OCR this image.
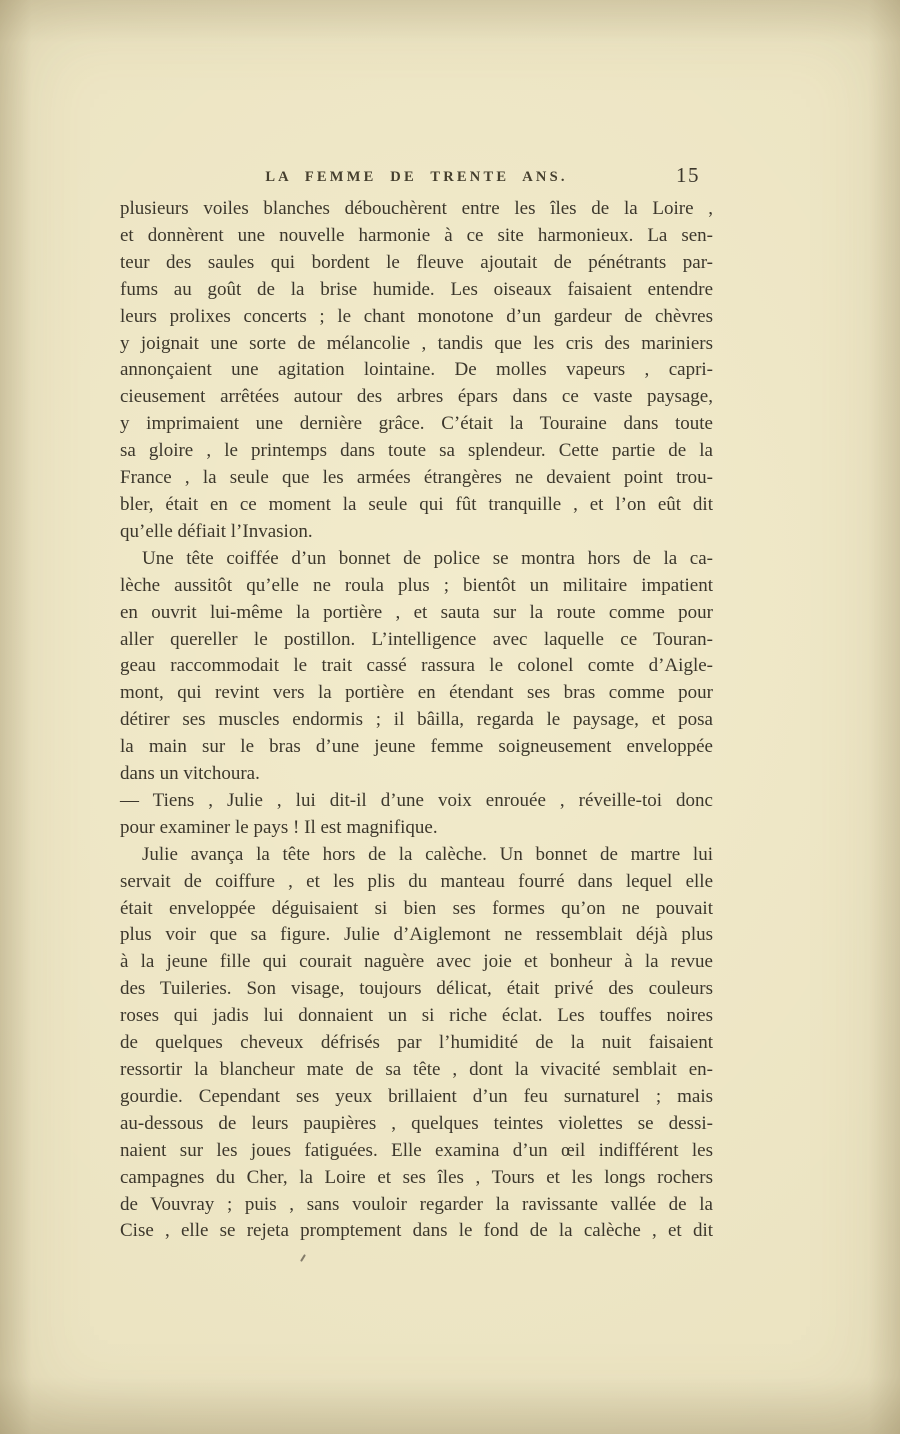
LA FEMME DE TRENTE ANS.	15
plusieurs voiles blanches débouchèrent entre les îles de la Loire ,
et donnèrent une nouvelle harmonie à ce site harmonieux. La sen-
teur des saules qui bordent le fleuve ajoutait de pénétrants par-
fums au goût de la brise humide. Les oiseaux faisaient entendre
leurs prolixes concerts ; le chant monotone d’un gardeur de chèvres
y joignait une sorte de mélancolie , tandis que les cris des mariniers
annonçaient une agitation lointaine. De molles vapeurs , capri-
cieusement arrêtées autour des arbres épars dans ce vaste paysage,
y imprimaient une dernière grâce. C’était la Touraine dans toute
sa gloire , le printemps dans toute sa splendeur. Cette partie de la
France , la seule que les armées étrangères ne devaient point trou-
bler, était en ce moment la seule qui fût tranquille , et l’on eût dit
qu’elle défiait l’Invasion.
Une tête coiffée d’un bonnet de police se montra hors de la ca-
lèche aussitôt qu’elle ne roula plus ; bientôt un militaire impatient
en ouvrit lui-même la portière , et sauta sur la route comme pour
aller quereller le postillon. L’intelligence avec laquelle ce Touran-
geau raccommodait le trait cassé rassura le colonel comte d’Aigle-
mont, qui revint vers la portière en étendant ses bras comme pour
détirer ses muscles endormis ; il bâilla, regarda le paysage, et posa
la main sur le bras d’une jeune femme soigneusement enveloppée
dans un vitchoura.
— Tiens , Julie , lui dit-il d’une voix enrouée , réveille-toi donc
pour examiner le pays ! Il est magnifique.
Julie avança la tête hors de la calèche. Un bonnet de martre lui
servait de coiffure , et les plis du manteau fourré dans lequel elle
était enveloppée déguisaient si bien ses formes qu’on ne pouvait
plus voir que sa figure. Julie d’Aiglemont ne ressemblait déjà plus
à la jeune fille qui courait naguère avec joie et bonheur à la revue
des Tuileries. Son visage, toujours délicat, était privé des couleurs
roses qui jadis lui donnaient un si riche éclat. Les touffes noires
de quelques cheveux défrisés par l’humidité de la nuit faisaient
ressortir la blancheur mate de sa tête , dont la vivacité semblait en-
gourdie. Cependant ses yeux brillaient d’un feu surnaturel ; mais
au-dessous de leurs paupières , quelques teintes violettes se dessi-
naient sur les joues fatiguées. Elle examina d’un œil indifférent les
campagnes du Cher, la Loire et ses îles , Tours et les longs rochers
de Vouvray ; puis , sans vouloir regarder la ravissante vallée de la
Cise , elle se rejeta promptement dans le fond de la calèche , et dit
